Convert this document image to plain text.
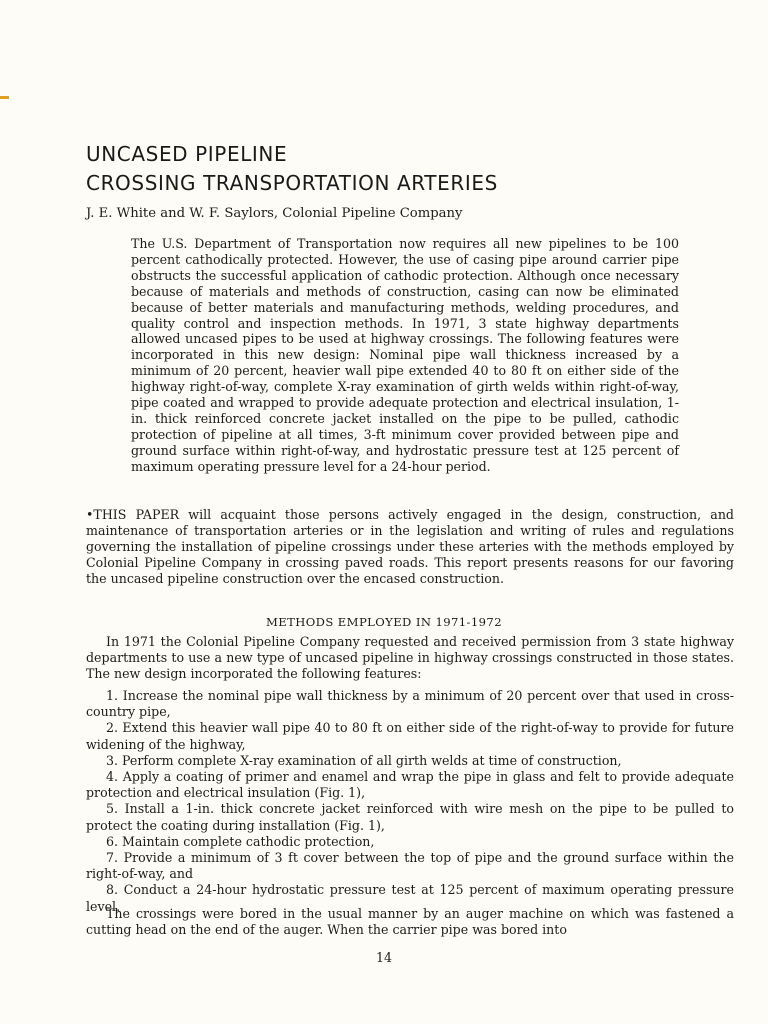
UNCASED PIPELINE
CROSSING TRANSPORTATION ARTERIES
J. E. White and W. F. Saylors, Colonial Pipeline Company

The U.S. Department of Transportation now requires all new pipelines to be 100 percent cathodically protected. However, the use of casing pipe around carrier pipe obstructs the successful application of cathodic protection. Although once necessary because of materials and methods of construction, casing can now be eliminated because of better materials and manufacturing methods, welding procedures, and quality control and inspection methods. In 1971, 3 state highway departments allowed uncased pipes to be used at highway crossings. The following features were incorporated in this new design: Nominal pipe wall thickness increased by a minimum of 20 percent, heavier wall pipe extended 40 to 80 ft on either side of the highway right-of-way, complete X-ray examination of girth welds within right-of-way, pipe coated and wrapped to provide adequate protection and electrical insulation, 1-in. thick reinforced concrete jacket installed on the pipe to be pulled, cathodic protection of pipeline at all times, 3-ft minimum cover provided between pipe and ground surface within right-of-way, and hydrostatic pressure test at 125 percent of maximum operating pressure level for a 24-hour period.

•THIS PAPER will acquaint those persons actively engaged in the design, construction, and maintenance of transportation arteries or in the legislation and writing of rules and regulations governing the installation of pipeline crossings under these arteries with the methods employed by Colonial Pipeline Company in crossing paved roads. This report presents reasons for our favoring the uncased pipeline construction over the encased construction.

METHODS EMPLOYED IN 1971-1972

In 1971 the Colonial Pipeline Company requested and received permission from 3 state highway departments to use a new type of uncased pipeline in highway crossings constructed in those states. The new design incorporated the following features:

1. Increase the nominal pipe wall thickness by a minimum of 20 percent over that used in cross-country pipe,
2. Extend this heavier wall pipe 40 to 80 ft on either side of the right-of-way to provide for future widening of the highway,
3. Perform complete X-ray examination of all girth welds at time of construction,
4. Apply a coating of primer and enamel and wrap the pipe in glass and felt to provide adequate protection and electrical insulation (Fig. 1),
5. Install a 1-in. thick concrete jacket reinforced with wire mesh on the pipe to be pulled to protect the coating during installation (Fig. 1),
6. Maintain complete cathodic protection,
7. Provide a minimum of 3 ft cover between the top of pipe and the ground surface within the right-of-way, and
8. Conduct a 24-hour hydrostatic pressure test at 125 percent of maximum operating pressure level.

The crossings were bored in the usual manner by an auger machine on which was fastened a cutting head on the end of the auger. When the carrier pipe was bored into

14
